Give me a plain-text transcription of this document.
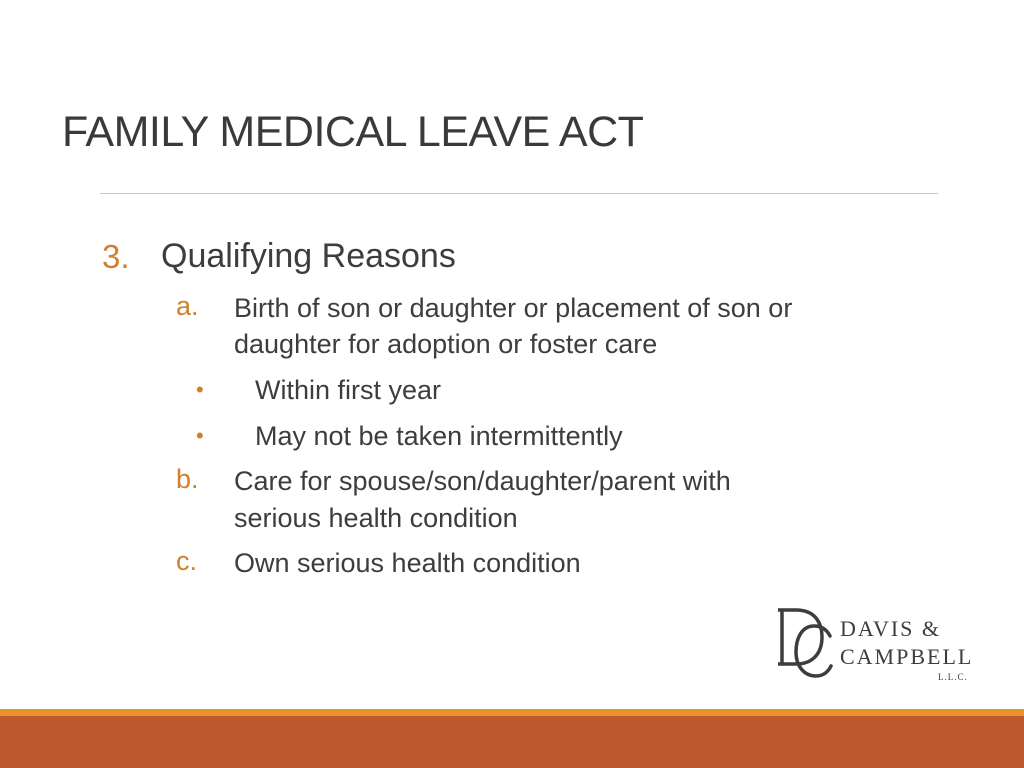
FAMILY MEDICAL LEAVE ACT
3. Qualifying Reasons
a. Birth of son or daughter or placement of son or
daughter for adoption or foster care
• Within first year
• May not be taken intermittently
b. Care for spouse/son/daughter/parent with
serious health condition
c. Own serious health condition
DAVIS &
CAMPBELL
L.L.C.
